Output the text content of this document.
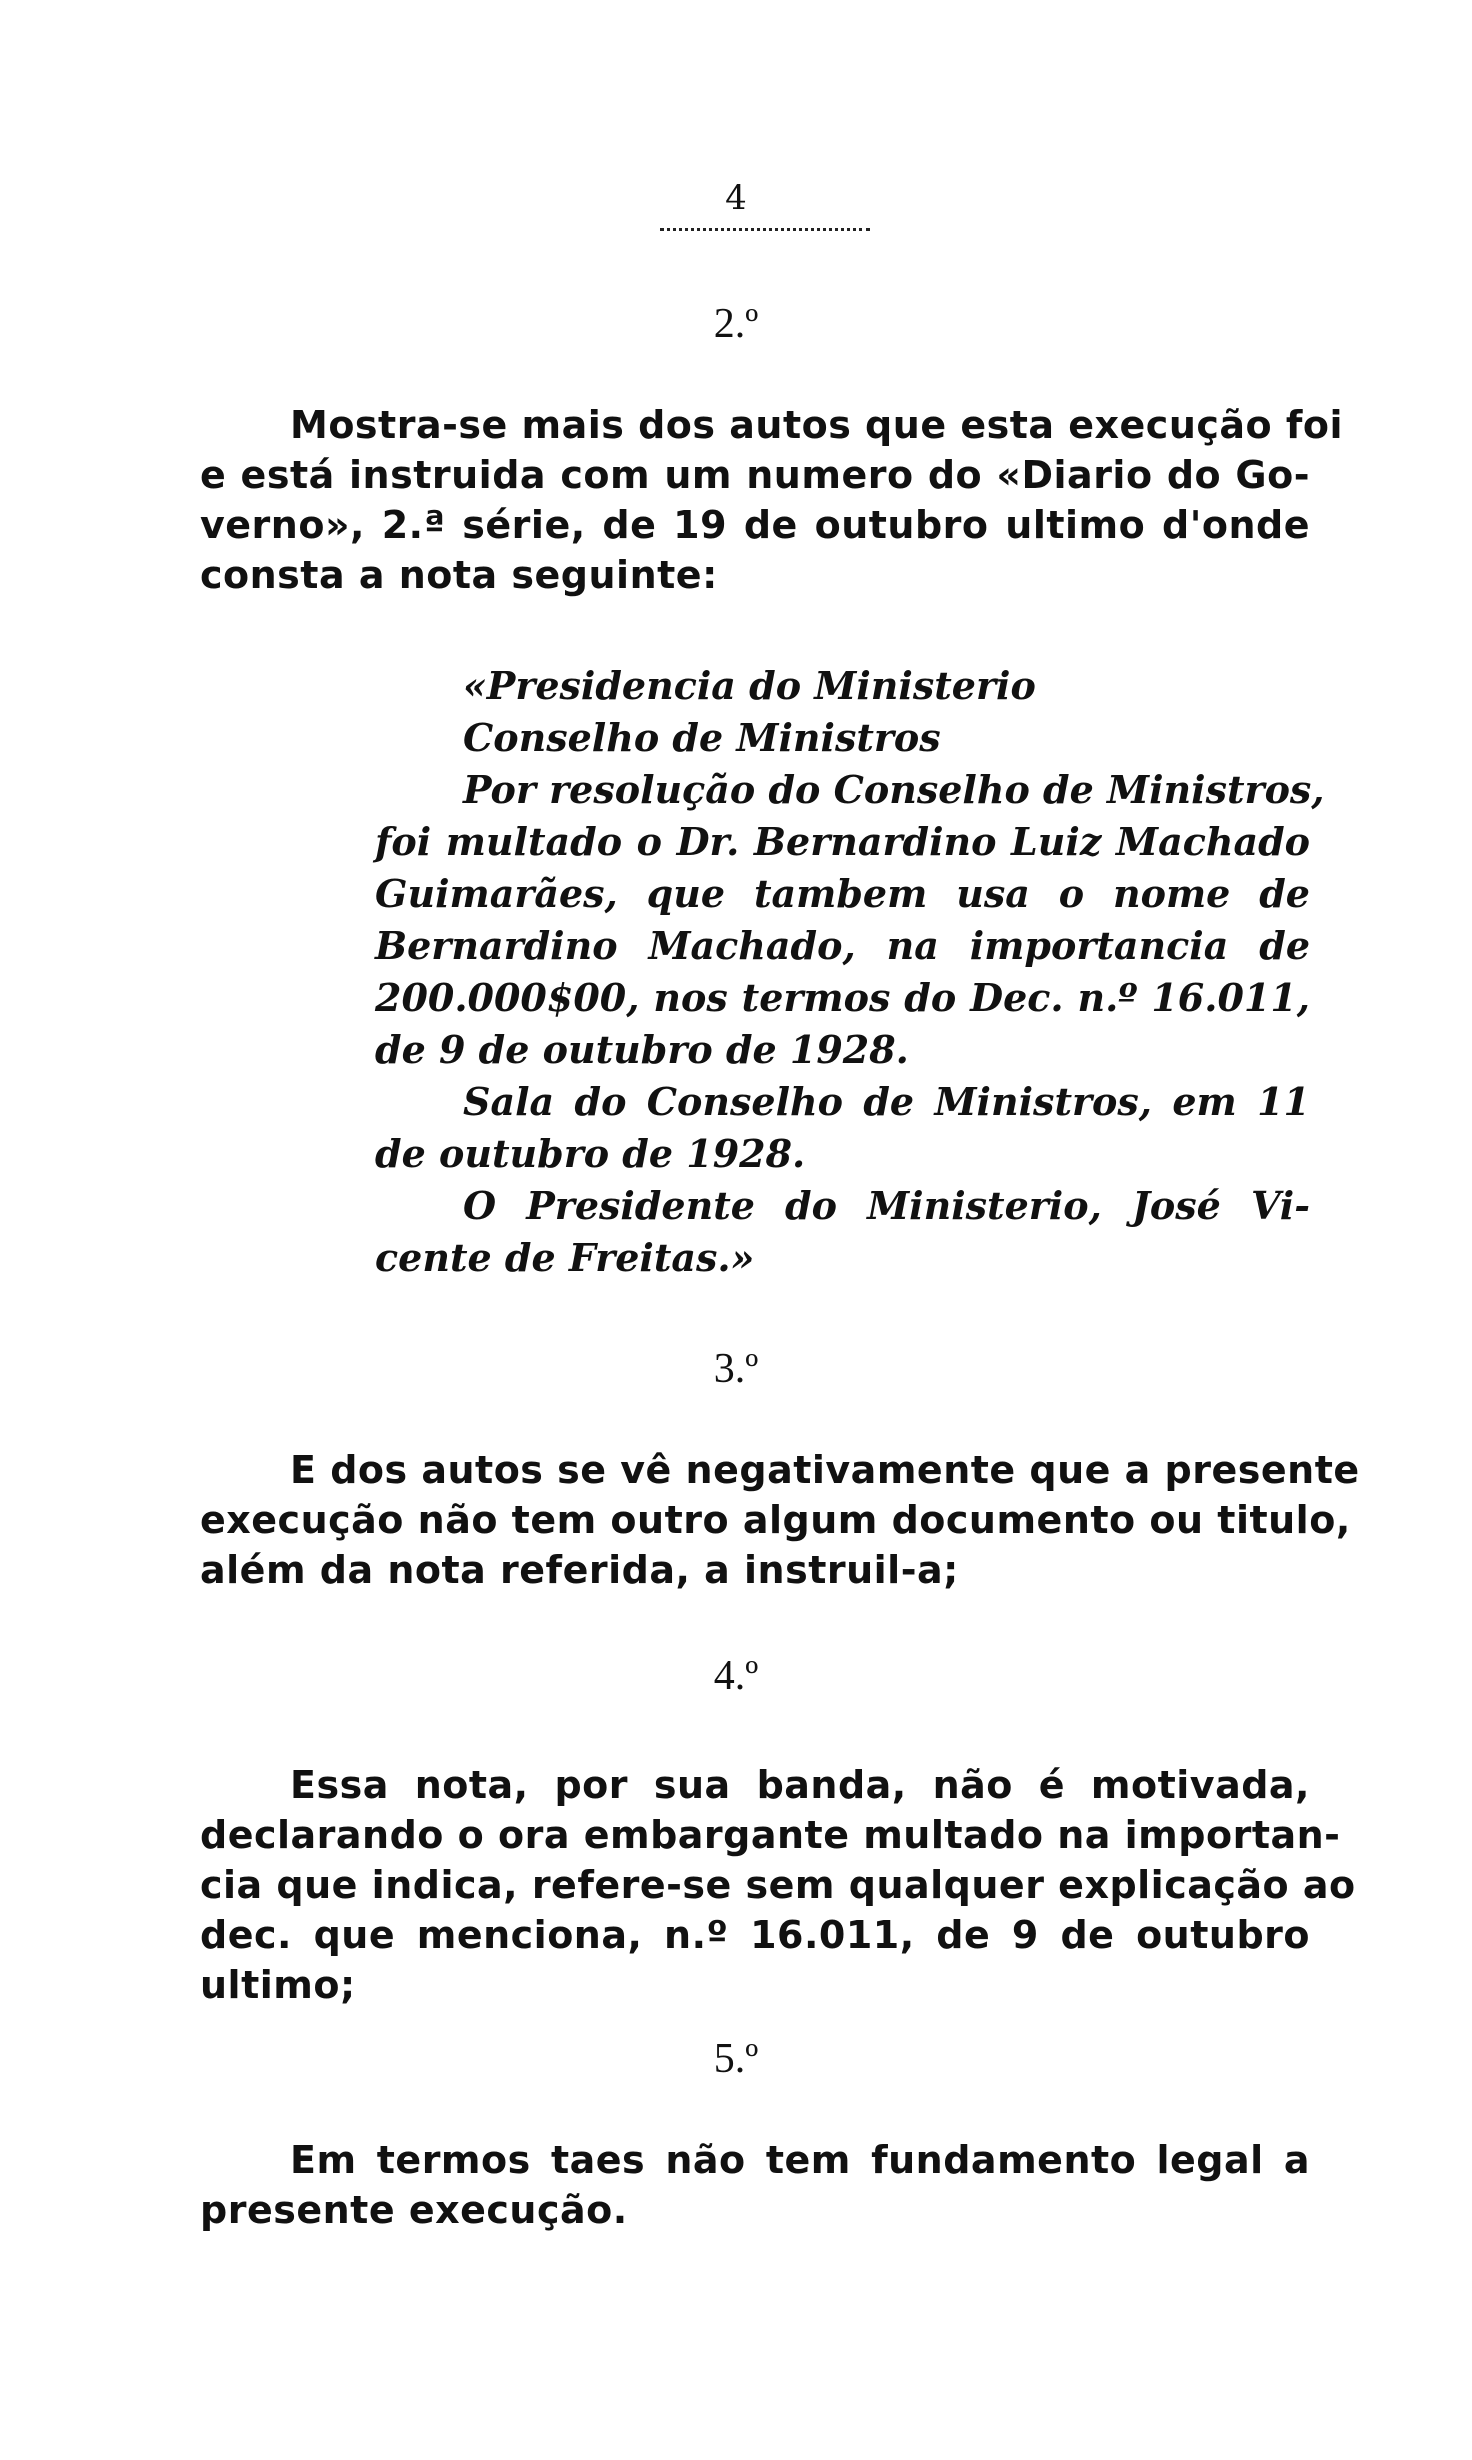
4
2.º
Mostra-se mais dos autos que esta execução foi
e está instruida com um numero do «Diario do Go-
verno», 2.ª série, de 19 de outubro ultimo d'onde
consta a nota seguinte:
«Presidencia do Ministerio
Conselho de Ministros
Por resolução do Conselho de Ministros,
foi multado o Dr. Bernardino Luiz Machado
Guimarães, que tambem usa o nome de
Bernardino Machado, na importancia de
200.000$00, nos termos do Dec. n.º 16.011,
de 9 de outubro de 1928.
Sala do Conselho de Ministros, em 11
de outubro de 1928.
O Presidente do Ministerio, José Vi-
cente de Freitas.»
3.º
E dos autos se vê negativamente que a presente
execução não tem outro algum documento ou titulo,
além da nota referida, a instruil-a;
4.º
Essa nota, por sua banda, não é motivada,
declarando o ora embargante multado na importan-
cia que indica, refere-se sem qualquer explicação ao
dec. que menciona, n.º 16.011, de 9 de outubro
ultimo;
5.º
Em termos taes não tem fundamento legal a
presente execução.
